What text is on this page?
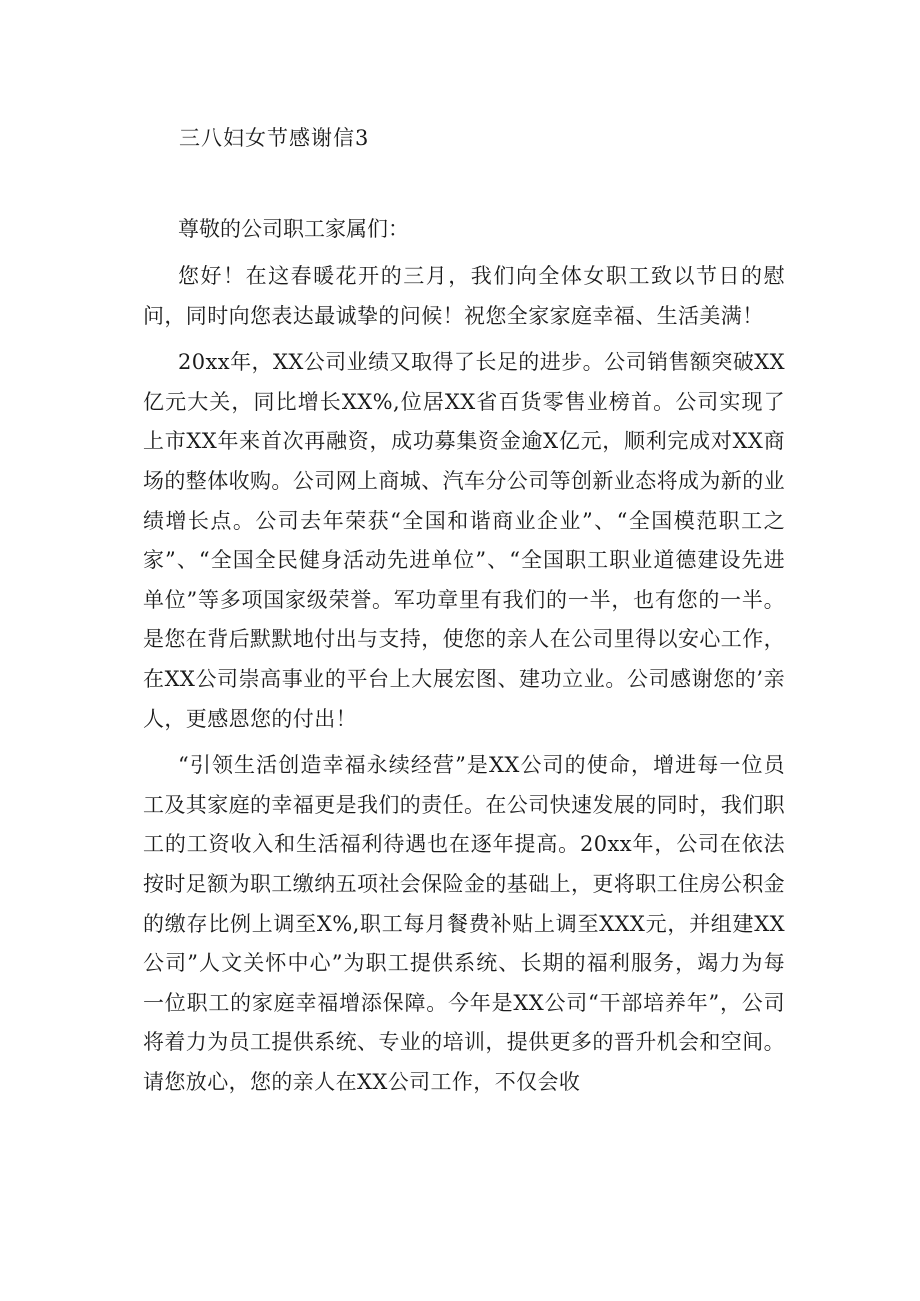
三八妇女节感谢信3

尊敬的公司职工家属们：

您好！在这春暖花开的三月，我们向全体女职工致以节日的慰问，同时向您表达最诚挚的问候！祝您全家家庭幸福、生活美满！

20xx年，XX公司业绩又取得了长足的进步。公司销售额突破XX亿元大关，同比增长XX%,位居XX省百货零售业榜首。公司实现了上市XX年来首次再融资，成功募集资金逾X亿元，顺利完成对XX商场的整体收购。公司网上商城、汽车分公司等创新业态将成为新的业绩增长点。公司去年荣获“全国和谐商业企业”、“全国模范职工之家”、“全国全民健身活动先进单位”、“全国职工职业道德建设先进单位”等多项国家级荣誉。军功章里有我们的一半，也有您的一半。是您在背后默默地付出与支持，使您的亲人在公司里得以安心工作，在XX公司崇高事业的平台上大展宏图、建功立业。公司感谢您的’亲人，更感恩您的付出！

“引领生活创造幸福永续经营”是XX公司的使命，增进每一位员工及其家庭的幸福更是我们的责任。在公司快速发展的同时，我们职工的工资收入和生活福利待遇也在逐年提高。20xx年，公司在依法按时足额为职工缴纳五项社会保险金的基础上，更将职工住房公积金的缴存比例上调至X%,职工每月餐费补贴上调至XXX元，并组建XX公司”人文关怀中心”为职工提供系统、长期的福利服务，竭力为每一位职工的家庭幸福增添保障。今年是XX公司“干部培养年”，公司将着力为员工提供系统、专业的培训，提供更多的晋升机会和空间。请您放心，您的亲人在XX公司工作，不仅会收
